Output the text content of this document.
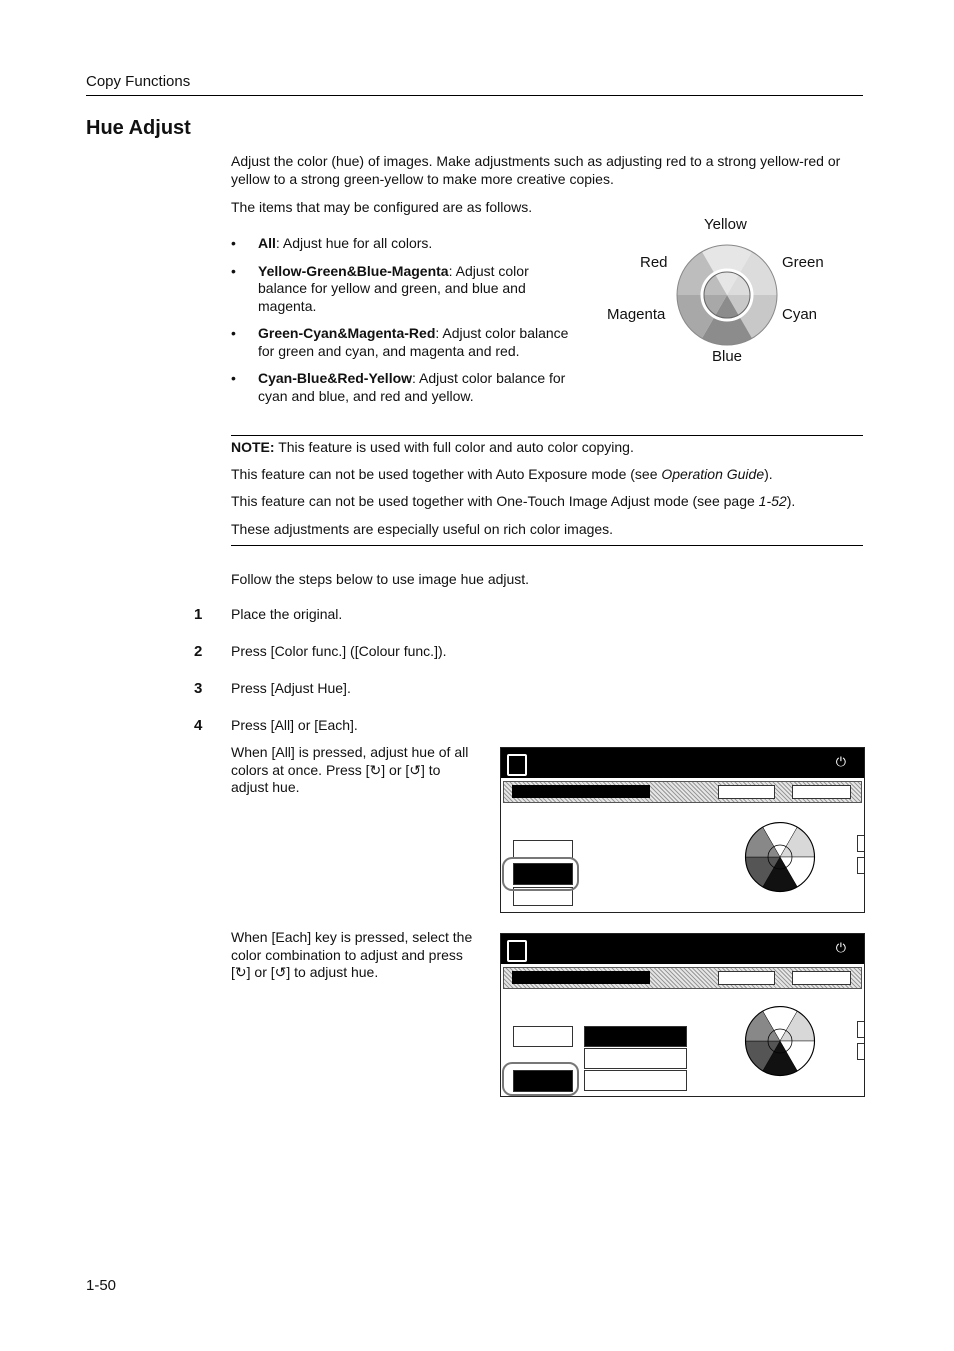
Copy Functions
Hue Adjust
Adjust the color (hue) of images. Make adjustments such as adjusting red to a strong yellow-red or
yellow to a strong green-yellow to make more creative copies.
The items that may be configured are as follows.
• All: Adjust hue for all colors.
• Yellow-Green&Blue-Magenta: Adjust color
balance for yellow and green, and blue and
magenta.
• Green-Cyan&Magenta-Red: Adjust color balance
for green and cyan, and magenta and red.
• Cyan-Blue&Red-Yellow: Adjust color balance for
cyan and blue, and red and yellow.
Yellow
Green
Cyan
Blue
Magenta
Red
NOTE: This feature is used with full color and auto color copying.
This feature can not be used together with Auto Exposure mode (see Operation Guide).
This feature can not be used together with One-Touch Image Adjust mode (see page 1-52).
These adjustments are especially useful on rich color images.
Follow the steps below to use image hue adjust.
1 Place the original.
2 Press [Color func.] ([Colour func.]).
3 Press [Adjust Hue].
4 Press [All] or [Each].
When [All] is pressed, adjust hue of all
colors at once. Press [↻] or [↺] to
adjust hue.
⏻
When [Each] key is pressed, select the
color combination to adjust and press
[↻] or [↺] to adjust hue.
⏻
1-50
